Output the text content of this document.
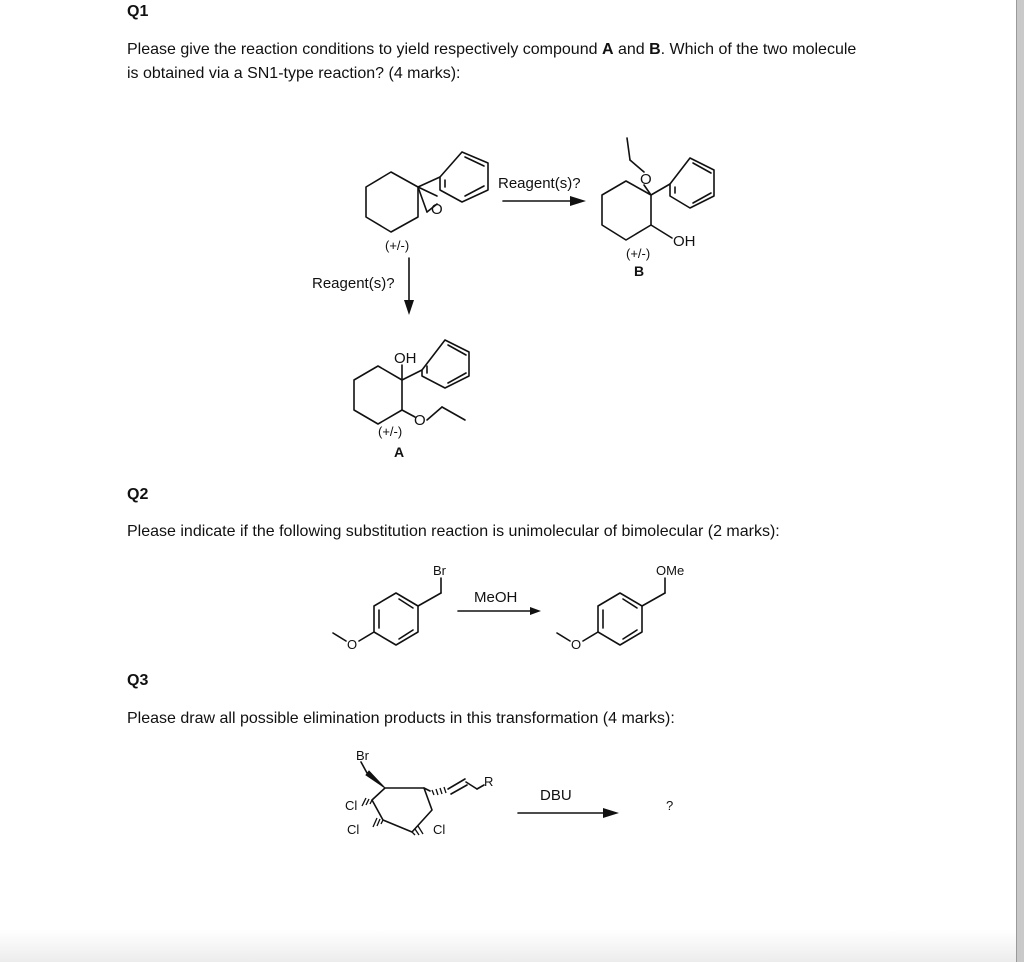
Q1
Please give the reaction conditions to yield respectively compound A and B. Which of the two molecule
is obtained via a SN1-type reaction? (4 marks):
O
(+/-)
Reagent(s)?	O
OH
(+/-)
B
Reagent(s)?
OH
O
(+/-)
A
Q2
Please indicate if the following substitution reaction is unimolecular of bimolecular (2 marks):
Br
O
MeOH
OMe
O
Q3
Please draw all possible elimination products in this transformation (4 marks):
Br
Cl
Cl	Cl
R
DBU
?
